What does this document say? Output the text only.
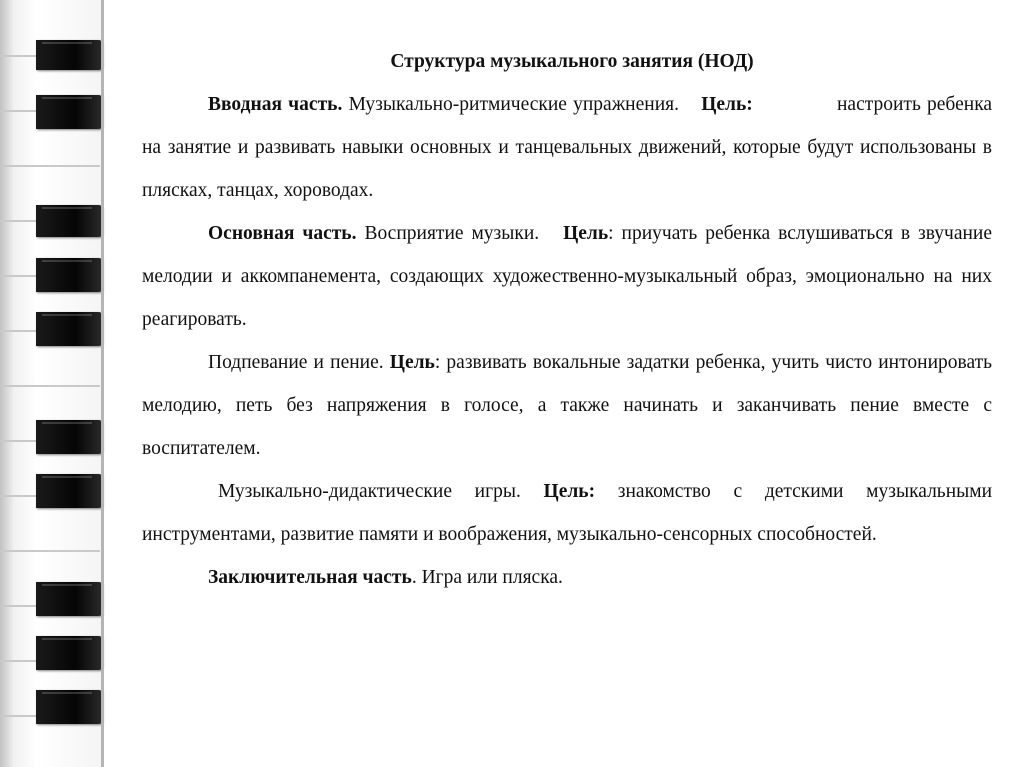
Структура музыкального занятия (НОД)

Вводная часть. Музыкально-ритмические упражнения. Цель:	настроить ребенка на занятие и развивать навыки основных и танцевальных движений, которые будут использованы в плясках, танцах, хороводах.

Основная часть. Восприятие музыки. Цель: приучать ребенка вслушиваться в звучание мелодии и аккомпанемента, создающих художественно-музыкальный образ, эмоционально на них реагировать.

Подпевание и пение. Цель: развивать вокальные задатки ребенка, учить чисто интонировать мелодию, петь без напряжения в голосе, а также начинать и заканчивать пение вместе с воспитателем.

Музыкально-дидактические игры. Цель: знакомство с детскими музыкальными инструментами, развитие памяти и воображения, музыкально-сенсорных способностей.

Заключительная часть. Игра или пляска.
